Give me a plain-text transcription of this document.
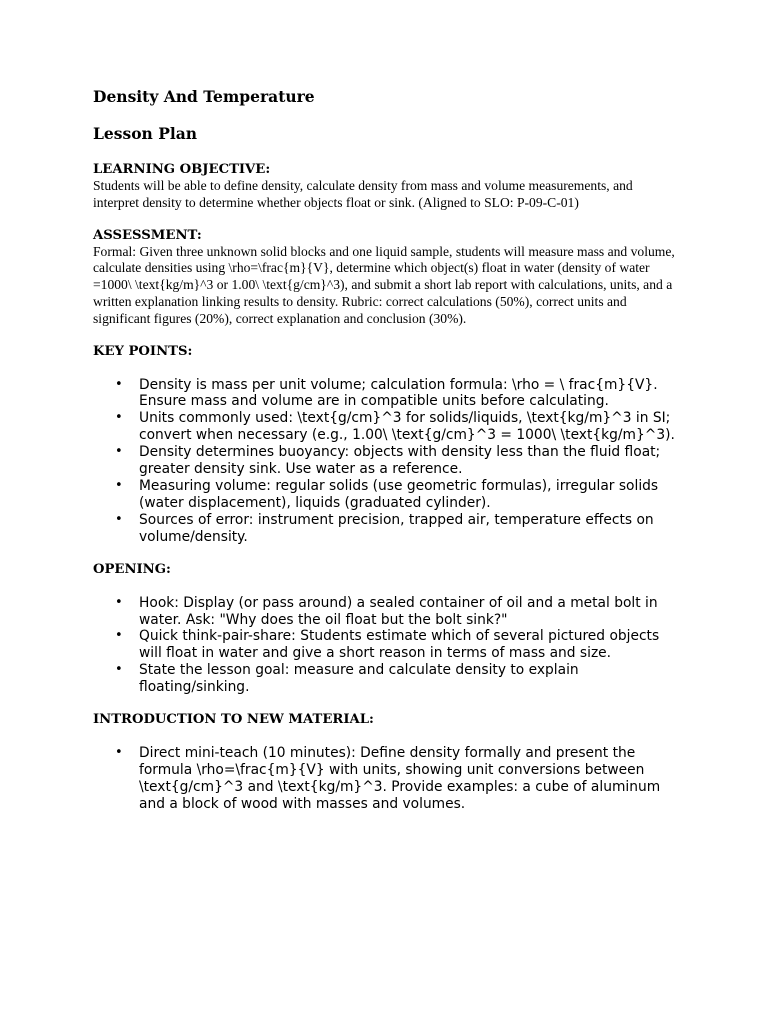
Density And Temperature
Lesson Plan
LEARNING OBJECTIVE:

Students will be able to define density, calculate density from mass and volume measurements, and interpret density to determine whether objects float or sink. (Aligned to SLO: P-09-C-01)

ASSESSMENT:

Formal: Given three unknown solid blocks and one liquid sample, students will measure mass and volume, calculate densities using \rho=\frac{m}{V}, determine which object(s) float in water (density of water =1000\ \text{kg/m}^3 or 1.00\ \text{g/cm}^3), and submit a short lab report with calculations, units, and a written explanation linking results to density. Rubric: correct calculations (50%), correct units and significant figures (20%), correct explanation and conclusion (30%).

KEY POINTS:
• Density is mass per unit volume; calculation formula: \rho = \ frac{m}{V}. Ensure mass and volume are in compatible units before calculating.
• Units commonly used: \text{g/cm}^3 for solids/liquids, \text{kg/m}^3 in SI; convert when necessary (e.g., 1.00\ \text{g/cm}^3 = 1000\ \text{kg/m}^3).
• Density determines buoyancy: objects with density less than the fluid float; greater density sink. Use water as a reference.
• Measuring volume: regular solids (use geometric formulas), irregular solids (water displacement), liquids (graduated cylinder).
• Sources of error: instrument precision, trapped air, temperature effects on volume/density.
OPENING:
• Hook: Display (or pass around) a sealed container of oil and a metal bolt in water. Ask: "Why does the oil float but the bolt sink?"
• Quick think-pair-share: Students estimate which of several pictured objects will float in water and give a short reason in terms of mass and size.
• State the lesson goal: measure and calculate density to explain floating/sinking.
INTRODUCTION TO NEW MATERIAL:
• Direct mini-teach (10 minutes): Define density formally and present the formula \rho=\frac{m}{V} with units, showing unit conversions between \text{g/cm}^3 and \text{kg/m}^3. Provide examples: a cube of aluminum and a block of wood with masses and volumes.
